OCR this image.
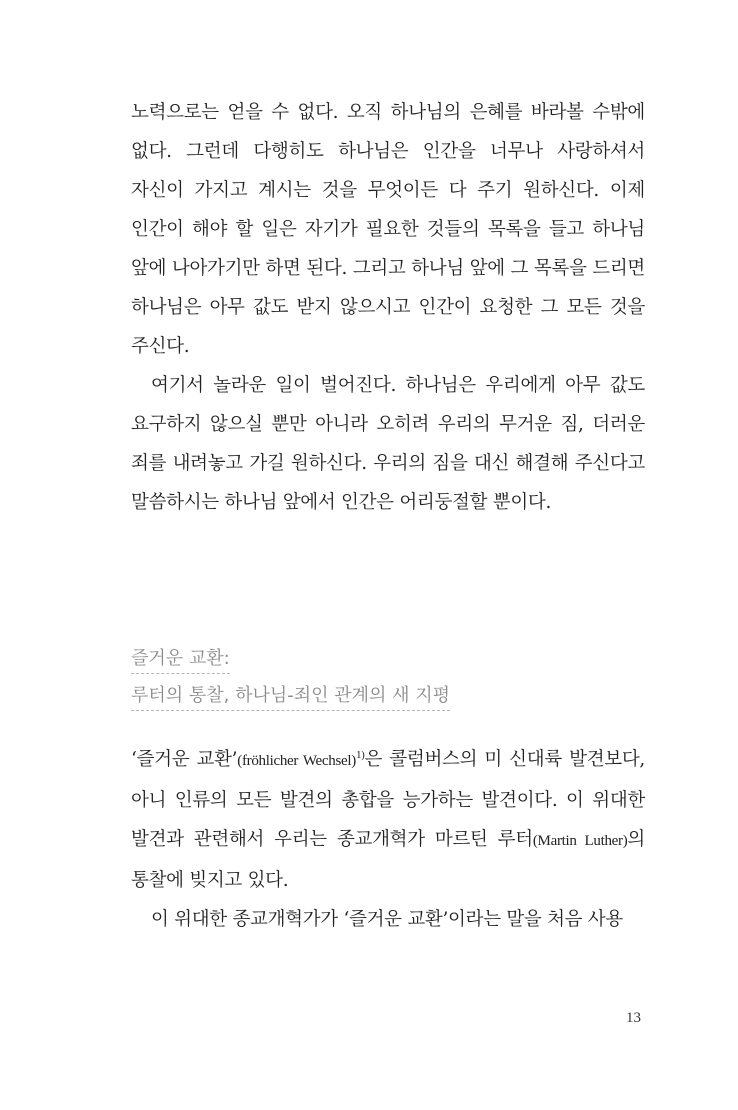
노력으로는 얻을 수 없다. 오직 하나님의 은혜를 바라볼 수밖에 없다. 그런데 다행히도 하나님은 인간을 너무나 사랑하셔서 자신이 가지고 계시는 것을 무엇이든 다 주기 원하신다. 이제 인간이 해야 할 일은 자기가 필요한 것들의 목록을 들고 하나님 앞에 나아가기만 하면 된다. 그리고 하나님 앞에 그 목록을 드리면 하나님은 아무 값도 받지 않으시고 인간이 요청한 그 모든 것을 주신다.

여기서 놀라운 일이 벌어진다. 하나님은 우리에게 아무 값도 요구하지 않으실 뿐만 아니라 오히려 우리의 무거운 짐, 더러운 죄를 내려놓고 가길 원하신다. 우리의 짐을 대신 해결해 주신다고 말씀하시는 하나님 앞에서 인간은 어리둥절할 뿐이다.

즐거운 교환:
루터의 통찰, 하나님-죄인 관계의 새 지평

‘즐거운 교환’(fröhlicher Wechsel)$^{1)}$은 콜럼버스의 미 신대륙 발견보다, 아니 인류의 모든 발견의 총합을 능가하는 발견이다. 이 위대한 발견과 관련해서 우리는 종교개혁가 마르틴 루터(Martin Luther)의 통찰에 빚지고 있다.

이 위대한 종교개혁가가 ‘즐거운 교환’이라는 말을 처음 사용

13
